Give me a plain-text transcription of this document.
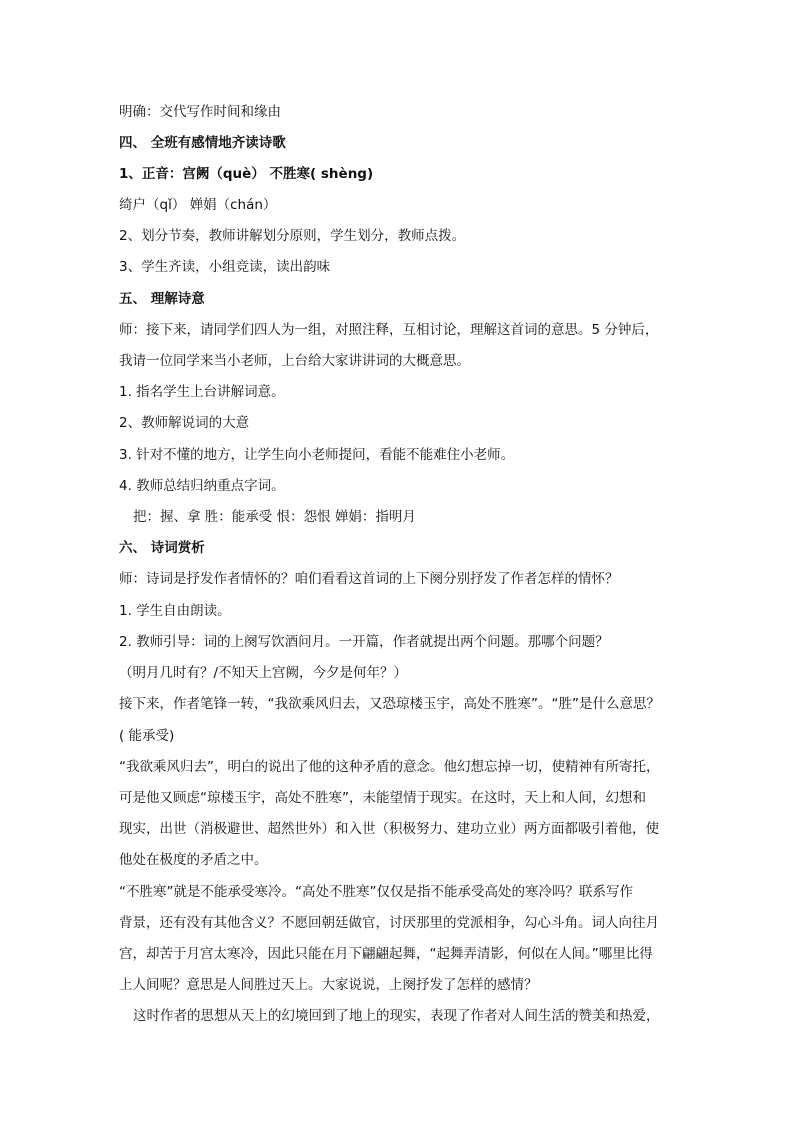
明确：交代写作时间和缘由
四、 全班有感情地齐读诗歌
1、正音：宫阙（què） 不胜寒( shèng)
绮户（qǐ） 婵娟（chán）
2、划分节奏，教师讲解划分原则，学生划分，教师点拨。
3、学生齐读，小组竞读，读出韵味
五、 理解诗意
师：接下来，请同学们四人为一组，对照注释，互相讨论，理解这首词的意思。5 分钟后，
我请一位同学来当小老师，上台给大家讲讲词的大概意思。
1. 指名学生上台讲解词意。
2、教师解说词的大意
3. 针对不懂的地方，让学生向小老师提问，看能不能难住小老师。
4. 教师总结归纳重点字词。
把：握、拿 胜：能承受 恨：怨恨 婵娟：指明月
六、 诗词赏析
师：诗词是抒发作者情怀的？咱们看看这首词的上下阕分别抒发了作者怎样的情怀？
1. 学生自由朗读。
2. 教师引导：词的上阕写饮酒问月。一开篇，作者就提出两个问题。那哪个问题？
（明月几时有？/不知天上宫阙，今夕是何年？）
接下来，作者笔锋一转，“我欲乘风归去，又恐琼楼玉宇，高处不胜寒”。“胜”是什么意思？
( 能承受)
“我欲乘风归去”，明白的说出了他的这种矛盾的意念。他幻想忘掉一切，使精神有所寄托，
可是他又顾虑“琼楼玉宇，高处不胜寒”，未能望情于现实。在这时，天上和人间，幻想和
现实，出世（消极避世、超然世外）和入世（积极努力、建功立业）两方面都吸引着他，使
他处在极度的矛盾之中。
“不胜寒”就是不能承受寒冷。“高处不胜寒”仅仅是指不能承受高处的寒冷吗？联系写作
背景，还有没有其他含义？不愿回朝廷做官，讨厌那里的党派相争，勾心斗角。词人向往月
宫，却苦于月宫太寒冷，因此只能在月下翩翩起舞，“起舞弄清影，何似在人间。”哪里比得
上人间呢？意思是人间胜过天上。大家说说，上阕抒发了怎样的感情？
这时作者的思想从天上的幻境回到了地上的现实，表现了作者对人间生活的赞美和热爱，
